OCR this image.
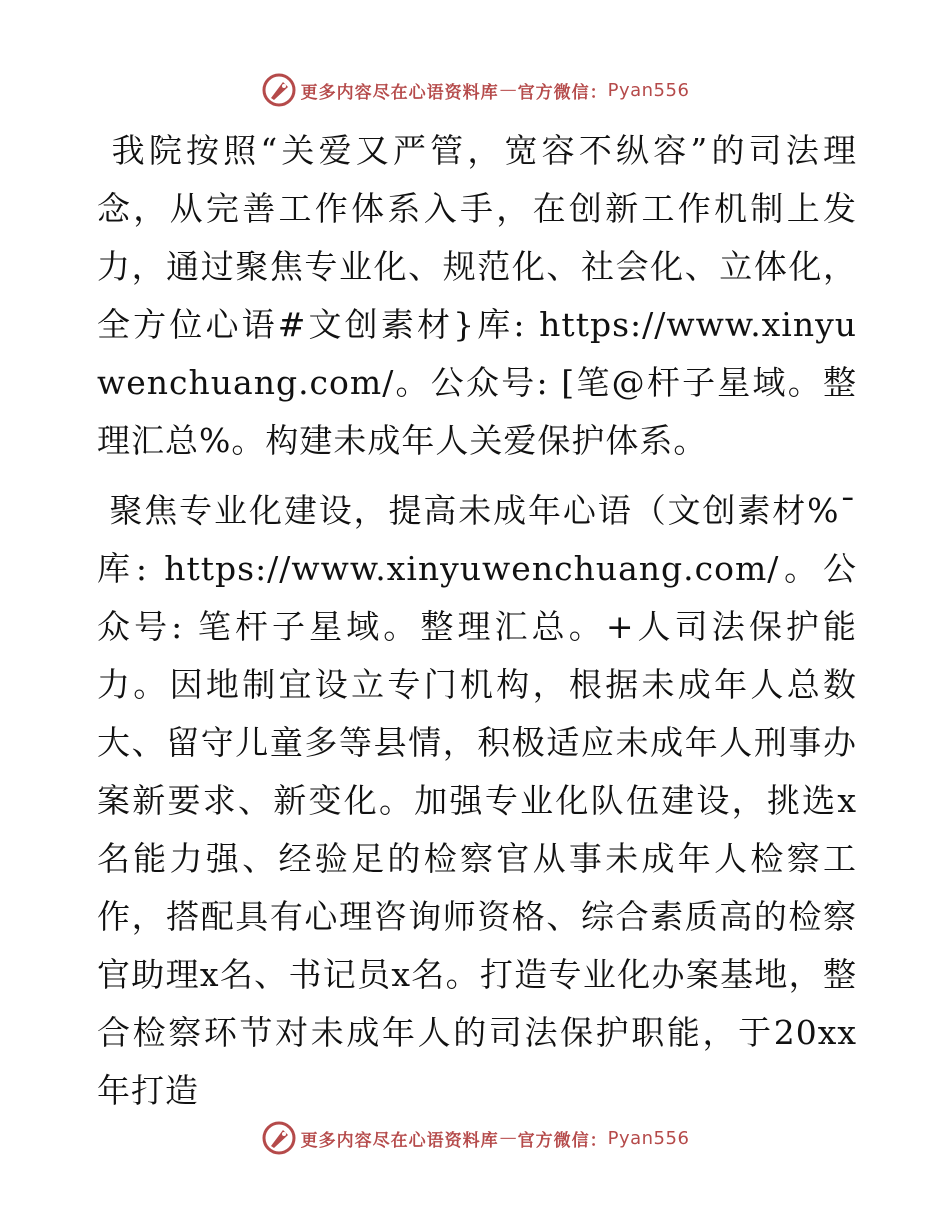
更多内容尽在心语资料库 — 官方微信： Pyan556

我院按照“关爱又严管，宽容不纵容”的司法理念，从完善工作体系入手，在创新工作机制上发力，通过聚焦专业化、规范化、社会化、立体化，全方位心语#文创素材}库: https://www.xinyuwenchuang.com/。公众号: [笔@杆子星域。整理汇总%。构建未成年人关爱保护体系。

聚焦专业化建设，提高未成年心语（文创素材%¯库: https://www.xinyuwenchuang.com/。公众号: 笔杆子星域。整理汇总。+人司法保护能力。因地制宜设立专门机构，根据未成年人总数大、留守儿童多等县情，积极适应未成年人刑事办案新要求、新变化。加强专业化队伍建设，挑选x名能力强、经验足的检察官从事未成年人检察工作，搭配具有心理咨询师资格、综合素质高的检察官助理x名、书记员x名。打造专业化办案基地，整合检察环节对未成年人的司法保护职能，于20xx年打造

更多内容尽在心语资料库 — 官方微信： Pyan556
